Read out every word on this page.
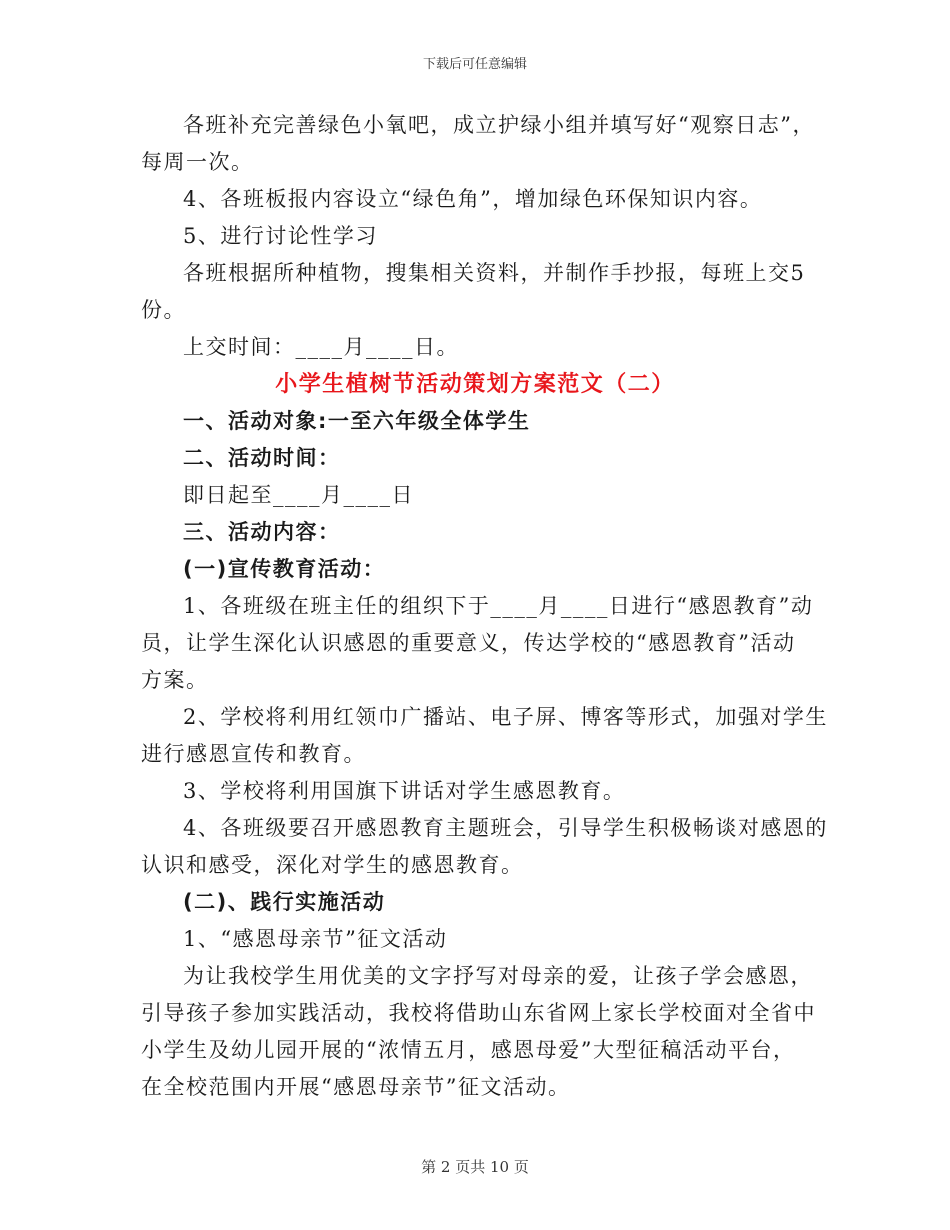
下载后可任意编辑

各班补充完善绿色小氧吧，成立护绿小组并填写好“观察日志”，

每周一次。

4、各班板报内容设立“绿色角”，增加绿色环保知识内容。

5、进行讨论性学习

各班根据所种植物，搜集相关资料，并制作手抄报，每班上交5

份。

上交时间：____月____日。

小学生植树节活动策划方案范文（二）

一、活动对象:一至六年级全体学生

二、活动时间：

即日起至____月____日

三、活动内容：

(一)宣传教育活动：

1、各班级在班主任的组织下于____月____日进行“感恩教育”动

员，让学生深化认识感恩的重要意义，传达学校的“感恩教育”活动

方案。

2、学校将利用红领巾广播站、电子屏、博客等形式，加强对学生

进行感恩宣传和教育。

3、学校将利用国旗下讲话对学生感恩教育。

4、各班级要召开感恩教育主题班会，引导学生积极畅谈对感恩的

认识和感受，深化对学生的感恩教育。

(二)、践行实施活动

1、“感恩母亲节”征文活动

为让我校学生用优美的文字抒写对母亲的爱，让孩子学会感恩，

引导孩子参加实践活动，我校将借助山东省网上家长学校面对全省中

小学生及幼儿园开展的“浓情五月，感恩母爱”大型征稿活动平台，

在全校范围内开展“感恩母亲节”征文活动。

第 2 页共 10 页
